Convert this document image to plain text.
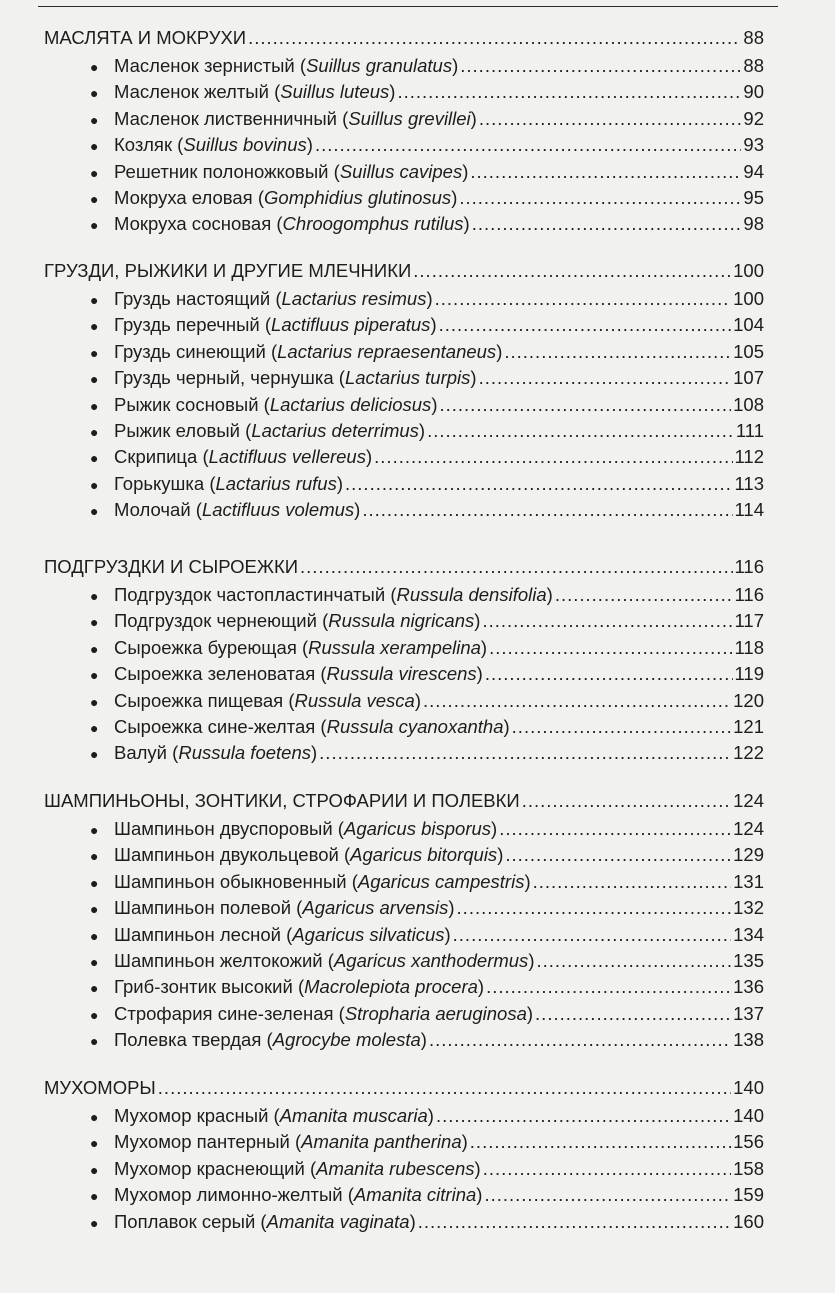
МАСЛЯТА И МОКРУХИ .....	88
● Масленок зернистый (Suillus granulatus) .....	88
● Масленок желтый (Suillus luteus) .....	90
● Масленок лиственничный (Suillus grevillei) .....	92
● Козляк (Suillus bovinus) .....	93
● Решетник полоножковый (Suillus cavipes) .....	94
● Мокруха еловая (Gomphidius glutinosus) .....	95
● Мокруха сосновая (Chroogomphus rutilus) .....	98
ГРУЗДИ, РЫЖИКИ И ДРУГИЕ МЛЕЧНИКИ .....	100
● Груздь настоящий (Lactarius resimus) .....	100
● Груздь перечный (Lactifluus piperatus) .....	104
● Груздь синеющий (Lactarius repraesentaneus) .....	105
● Груздь черный, чернушка (Lactarius turpis) .....	107
● Рыжик сосновый (Lactarius deliciosus) .....	108
● Рыжик еловый (Lactarius deterrimus) .....	111
● Скрипица (Lactifluus vellereus) .....	112
● Горькушка (Lactarius rufus) .....	113
● Молочай (Lactifluus volemus) .....	114
ПОДГРУЗДКИ И СЫРОЕЖКИ .....	116
● Подгруздок частопластинчатый (Russula densifolia) .....	116
● Подгруздок чернеющий (Russula nigricans) .....	117
● Сыроежка буреющая (Russula xerampelina) .....	118
● Сыроежка зеленоватая (Russula virescens) .....	119
● Сыроежка пищевая (Russula vesca) .....	120
● Сыроежка сине-желтая (Russula cyanoxantha) .....	121
● Валуй (Russula foetens) .....	122
ШАМПИНЬОНЫ, ЗОНТИКИ, СТРОФАРИИ И ПОЛЕВКИ .....	124
● Шампиньон двуспоровый (Agaricus bisporus) .....	124
● Шампиньон двукольцевой (Agaricus bitorquis) .....	129
● Шампиньон обыкновенный (Agaricus campestris) .....	131
● Шампиньон полевой (Agaricus arvensis) .....	132
● Шампиньон лесной (Agaricus silvaticus) .....	134
● Шампиньон желтокожий (Agaricus xanthodermus) .....	135
● Гриб-зонтик высокий (Macrolepiota procera) .....	136
● Строфария сине-зеленая (Stropharia aeruginosa) .....	137
● Полевка твердая (Agrocybe molesta) .....	138
МУХОМОРЫ .....	140
● Мухомор красный (Amanita muscaria) .....	140
● Мухомор пантерный (Amanita pantherina) .....	156
● Мухомор краснеющий (Amanita rubescens) .....	158
● Мухомор лимонно-желтый (Amanita citrina) .....	159
● Поплавок серый (Amanita vaginata) .....	160
